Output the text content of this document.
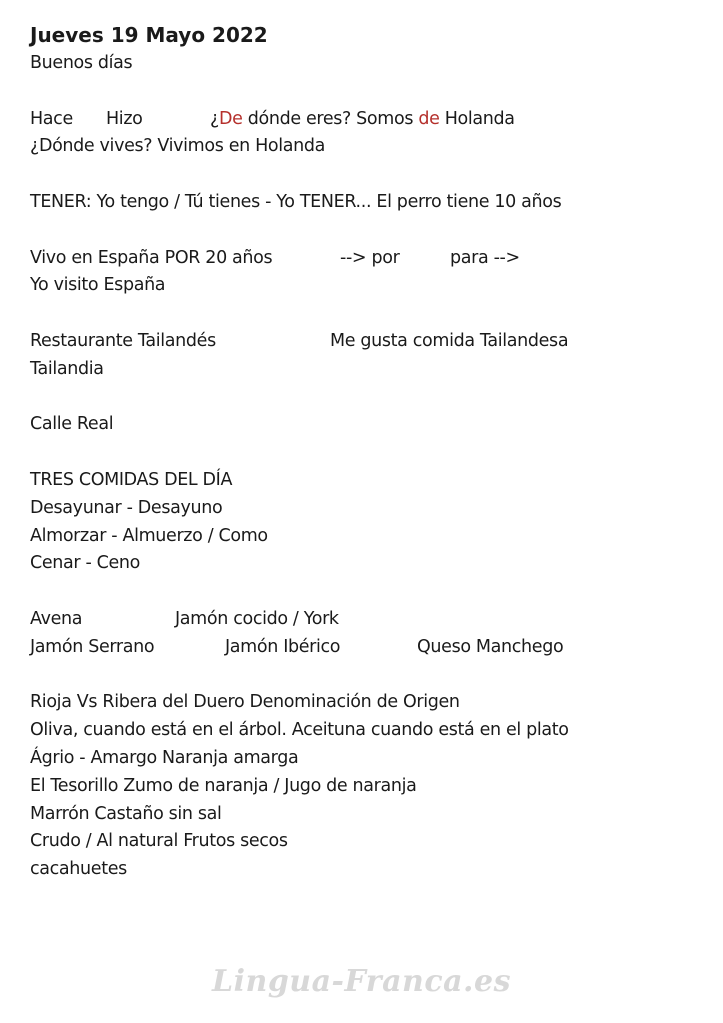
Jueves 19 Mayo 2022
Buenos días
Hace Hizo	¿De dónde eres? Somos de Holanda
¿Dónde vives? Vivimos en Holanda
TENER: Yo tengo / Tú tienes - Yo TENER... El perro tiene 10 años
Vivo en España POR 20 años	--> por	para -->
Yo visito España
Restaurante Tailandés	Me gusta comida Tailandesa
Tailandia
Calle Real
TRES COMIDAS DEL DÍA
Desayunar - Desayuno
Almorzar - Almuerzo / Como
Cenar - Ceno
Avena	Jamón cocido / York
Jamón Serrano	Jamón Ibérico	Queso Manchego
Rioja Vs Ribera del Duero Denominación de Origen
Oliva, cuando está en el árbol. Aceituna cuando está en el plato
Ágrio - Amargo Naranja amarga
El Tesorillo Zumo de naranja / Jugo de naranja
Marrón Castaño sin sal
Crudo / Al natural Frutos secos
cacahuetes
Lingua-Franca.es
